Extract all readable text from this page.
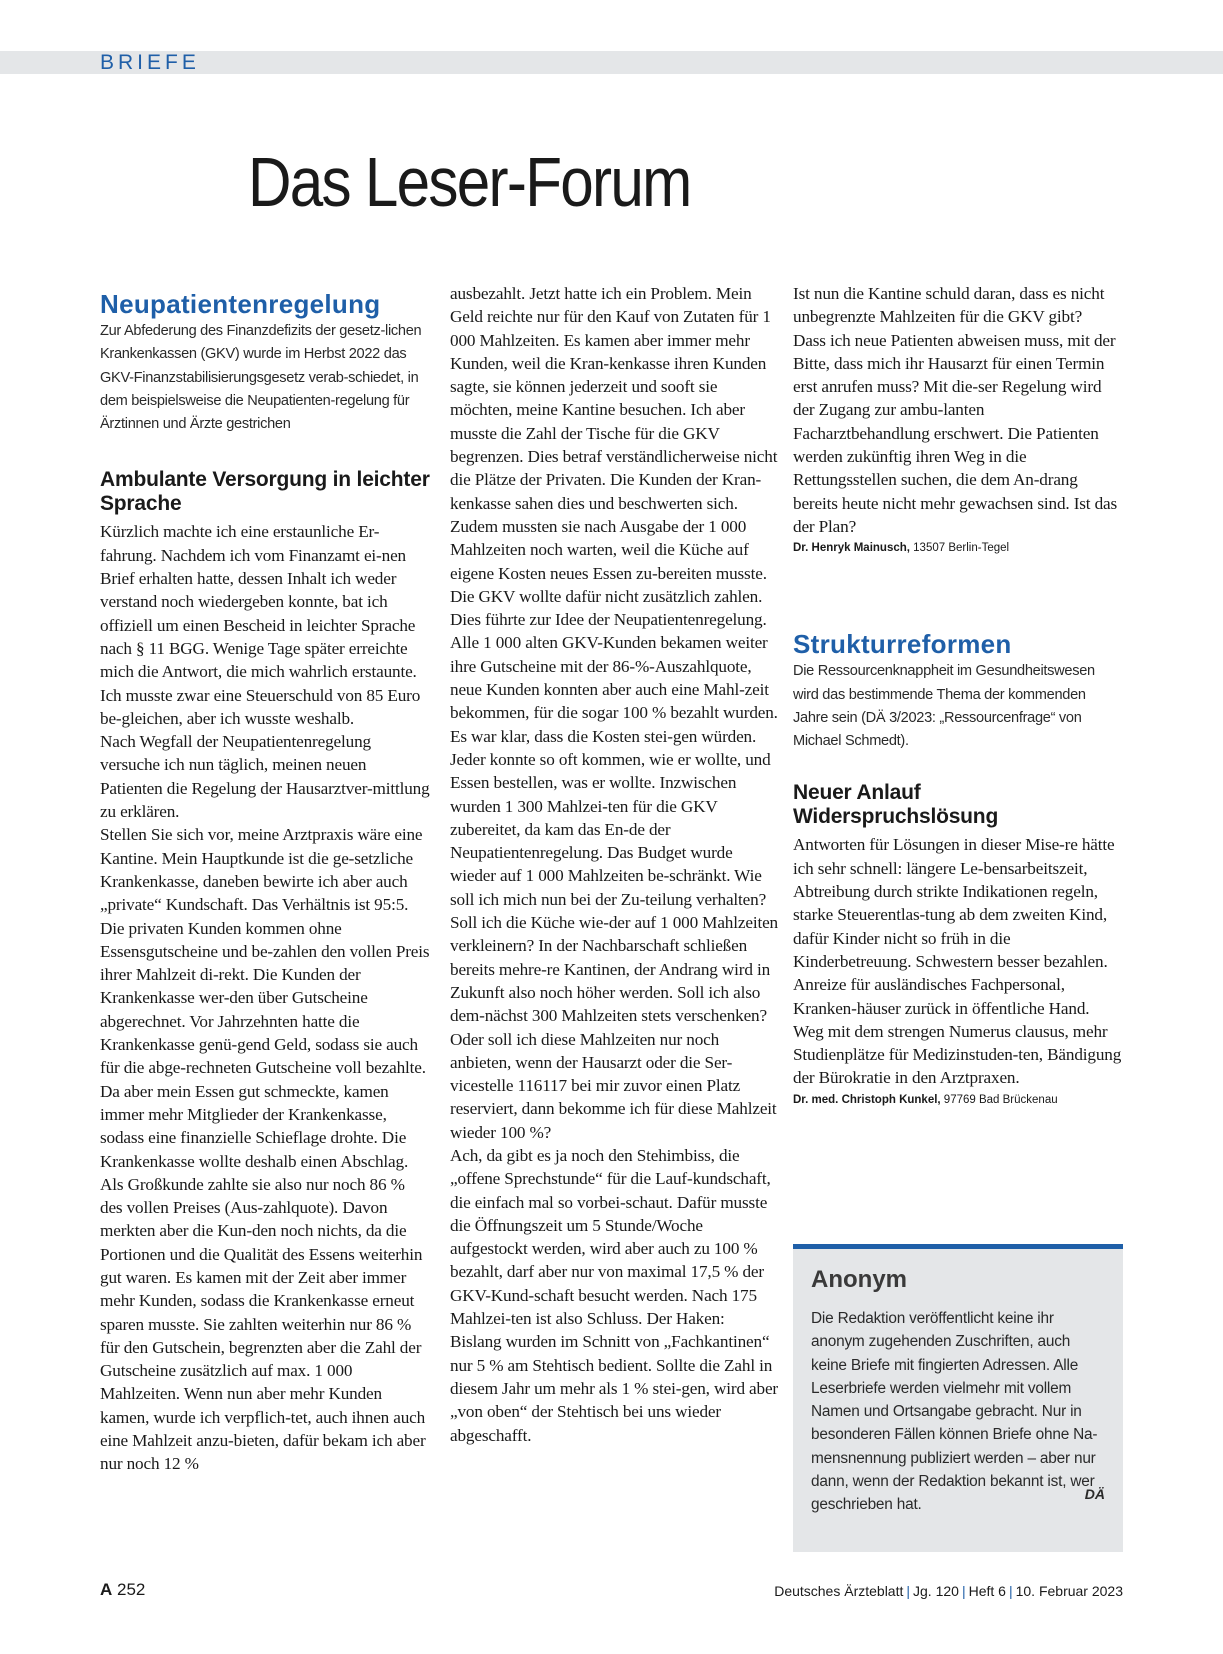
BRIEFE
Das Leser-Forum
Neupatientenregelung

Zur Abfederung des Finanzdefizits der gesetz-lichen Krankenkassen (GKV) wurde im Herbst 2022 das GKV-Finanzstabilisierungsgesetz verab-schiedet, in dem beispielsweise die Neupatienten-regelung für Ärztinnen und Ärzte gestrichen

Ambulante Versorgung in leichter Sprache

Kürzlich machte ich eine erstaunliche Er-fahrung. Nachdem ich vom Finanzamt ei-nen Brief erhalten hatte, dessen Inhalt ich weder verstand noch wiedergeben konnte, bat ich offiziell um einen Bescheid in leichter Sprache nach § 11 BGG. Wenige Tage später erreichte mich die Antwort, die mich wahrlich erstaunte. Ich musste zwar eine Steuerschuld von 85 Euro be-gleichen, aber ich wusste weshalb.
Nach Wegfall der Neupatientenregelung versuche ich nun täglich, meinen neuen Patienten die Regelung der Hausarztver-mittlung zu erklären.
Stellen Sie sich vor, meine Arztpraxis wäre eine Kantine. Mein Hauptkunde ist die ge-setzliche Krankenkasse, daneben bewirte ich aber auch „private“ Kundschaft. Das Verhältnis ist 95:5. Die privaten Kunden kommen ohne Essensgutscheine und be-zahlen den vollen Preis ihrer Mahlzeit di-rekt. Die Kunden der Krankenkasse wer-den über Gutscheine abgerechnet. Vor Jahrzehnten hatte die Krankenkasse genü-gend Geld, sodass sie auch für die abge-rechneten Gutscheine voll bezahlte. Da aber mein Essen gut schmeckte, kamen immer mehr Mitglieder der Krankenkasse, sodass eine finanzielle Schieflage drohte. Die Krankenkasse wollte deshalb einen Abschlag. Als Großkunde zahlte sie also nur noch 86 % des vollen Preises (Aus-zahlquote). Davon merkten aber die Kun-den noch nichts, da die Portionen und die Qualität des Essens weiterhin gut waren. Es kamen mit der Zeit aber immer mehr Kunden, sodass die Krankenkasse erneut sparen musste. Sie zahlten weiterhin nur 86 % für den Gutschein, begrenzten aber die Zahl der Gutscheine zusätzlich auf max. 1 000 Mahlzeiten. Wenn nun aber mehr Kunden kamen, wurde ich verpflich-tet, auch ihnen auch eine Mahlzeit anzu-bieten, dafür bekam ich aber nur noch 12 %

ausbezahlt. Jetzt hatte ich ein Problem. Mein Geld reichte nur für den Kauf von Zutaten für 1 000 Mahlzeiten. Es kamen aber immer mehr Kunden, weil die Kran-kenkasse ihren Kunden sagte, sie können jederzeit und sooft sie möchten, meine Kantine besuchen. Ich aber musste die Zahl der Tische für die GKV begrenzen. Dies betraf verständlicherweise nicht die Plätze der Privaten. Die Kunden der Kran-kenkasse sahen dies und beschwerten sich. Zudem mussten sie nach Ausgabe der 1 000 Mahlzeiten noch warten, weil die Küche auf eigene Kosten neues Essen zu-bereiten musste. Die GKV wollte dafür nicht zusätzlich zahlen. Dies führte zur Idee der Neupatientenregelung. Alle 1 000 alten GKV-Kunden bekamen weiter ihre Gutscheine mit der 86-%-Auszahlquote, neue Kunden konnten aber auch eine Mahl-zeit bekommen, für die sogar 100 % bezahlt wurden. Es war klar, dass die Kosten stei-gen würden. Jeder konnte so oft kommen, wie er wollte, und Essen bestellen, was er wollte. Inzwischen wurden 1 300 Mahlzei-ten für die GKV zubereitet, da kam das En-de der Neupatientenregelung. Das Budget wurde wieder auf 1 000 Mahlzeiten be-schränkt. Wie soll ich mich nun bei der Zu-teilung verhalten? Soll ich die Küche wie-der auf 1 000 Mahlzeiten verkleinern? In der Nachbarschaft schließen bereits mehre-re Kantinen, der Andrang wird in Zukunft also noch höher werden. Soll ich also dem-nächst 300 Mahlzeiten stets verschenken? Oder soll ich diese Mahlzeiten nur noch anbieten, wenn der Hausarzt oder die Ser-vicestelle 116117 bei mir zuvor einen Platz reserviert, dann bekomme ich für diese Mahlzeit wieder 100 %?
Ach, da gibt es ja noch den Stehimbiss, die „offene Sprechstunde“ für die Lauf-kundschaft, die einfach mal so vorbei-schaut. Dafür musste die Öffnungszeit um 5 Stunde/Woche aufgestockt werden, wird aber auch zu 100 % bezahlt, darf aber nur von maximal 17,5 % der GKV-Kund-schaft besucht werden. Nach 175 Mahlzei-ten ist also Schluss. Der Haken: Bislang wurden im Schnitt von „Fachkantinen“ nur 5 % am Stehtisch bedient. Sollte die Zahl in diesem Jahr um mehr als 1 % stei-gen, wird aber „von oben“ der Stehtisch bei uns wieder abgeschafft.

Ist nun die Kantine schuld daran, dass es nicht unbegrenzte Mahlzeiten für die GKV gibt?
Dass ich neue Patienten abweisen muss, mit der Bitte, dass mich ihr Hausarzt für einen Termin erst anrufen muss? Mit die-ser Regelung wird der Zugang zur ambu-lanten Facharztbehandlung erschwert. Die Patienten werden zukünftig ihren Weg in die Rettungsstellen suchen, die dem An-drang bereits heute nicht mehr gewachsen sind. Ist das der Plan?

Dr. Henryk Mainusch, 13507 Berlin-Tegel

Strukturreformen

Die Ressourcenknappheit im Gesundheitswesen wird das bestimmende Thema der kommenden Jahre sein (DÄ 3/2023: „Ressourcenfrage“ von Michael Schmedt).

Neuer Anlauf Widerspruchslösung

Antworten für Lösungen in dieser Mise-re hätte ich sehr schnell: längere Le-bensarbeitszeit, Abtreibung durch strikte Indikationen regeln, starke Steuerentlas-tung ab dem zweiten Kind, dafür Kinder nicht so früh in die Kinderbetreuung. Schwestern besser bezahlen. Anreize für ausländisches Fachpersonal, Kranken-häuser zurück in öffentliche Hand. Weg mit dem strengen Numerus clausus, mehr Studienplätze für Medizinstuden-ten, Bändigung der Bürokratie in den Arztpraxen.

Dr. med. Christoph Kunkel, 97769 Bad Brückenau

Anonym

Die Redaktion veröffentlicht keine ihr anonym zugehenden Zuschriften, auch keine Briefe mit fingierten Adressen. Alle Leserbriefe werden vielmehr mit vollem Namen und Ortsangabe gebracht. Nur in besonderen Fällen können Briefe ohne Na-mensnennung publiziert werden – aber nur dann, wenn der Redaktion bekannt ist, wer geschrieben hat.

DÄ
A 252	Deutsches Ärzteblatt | Jg. 120 | Heft 6 | 10. Februar 2023
